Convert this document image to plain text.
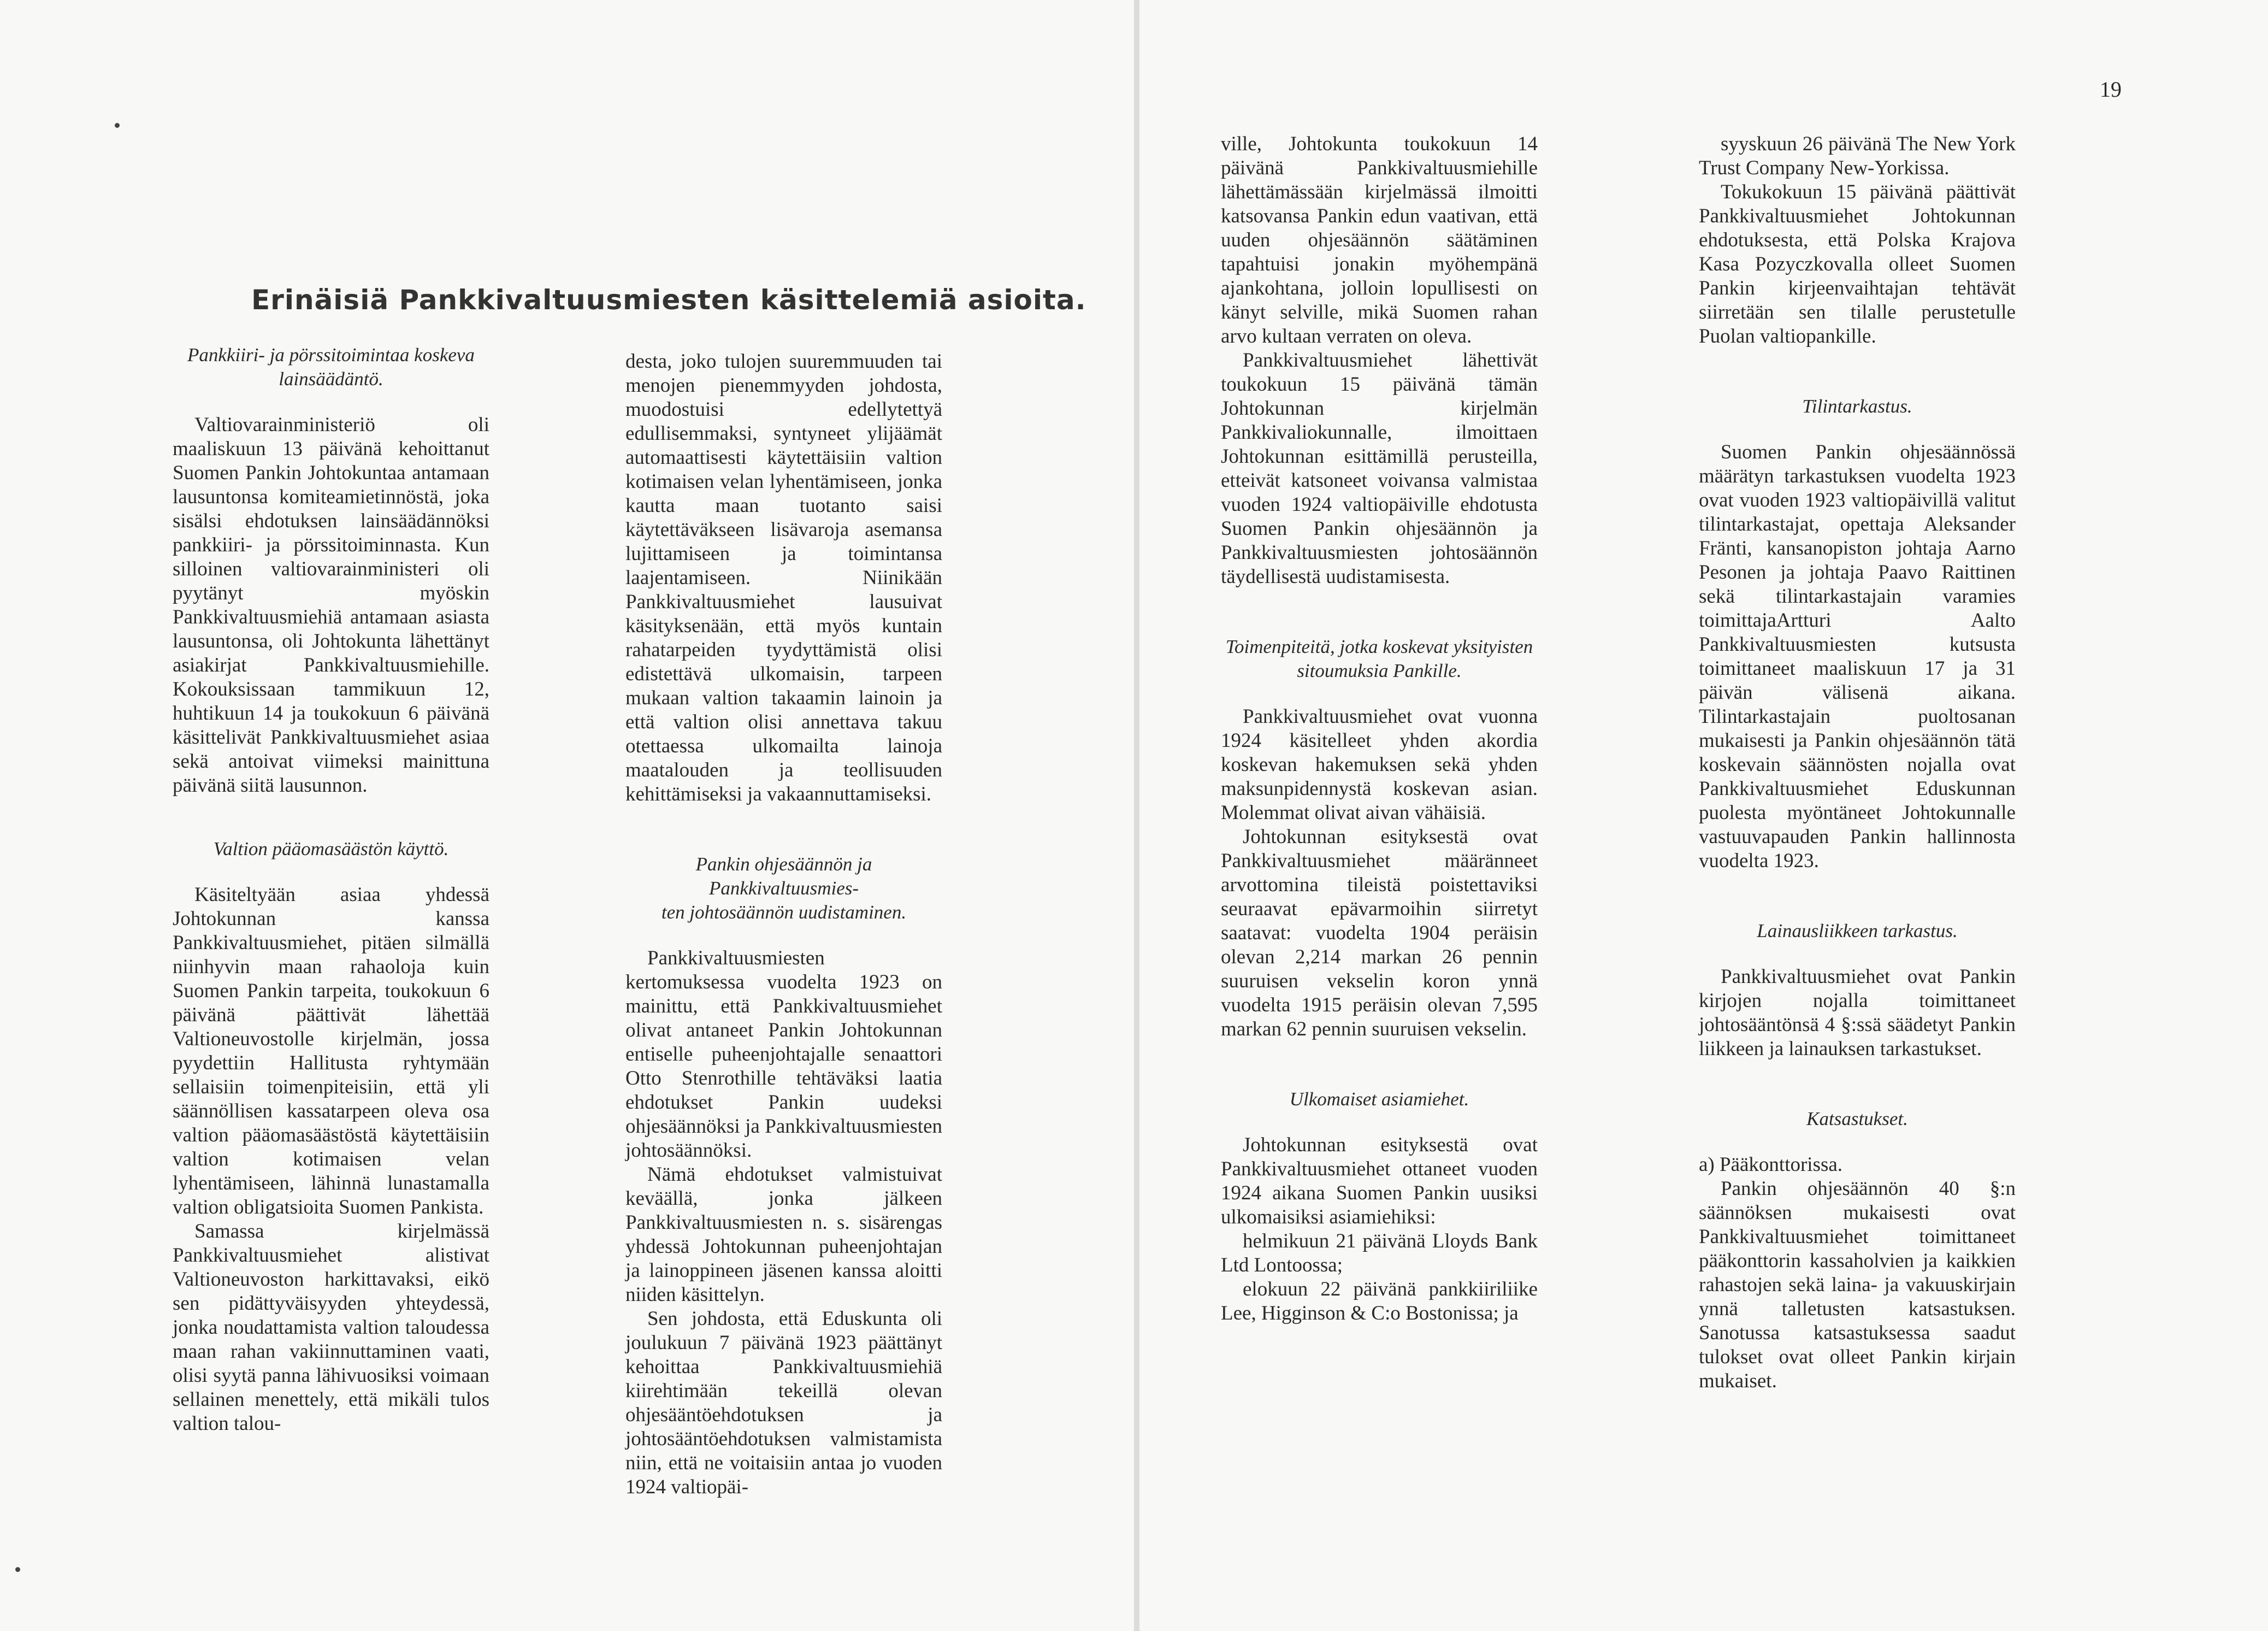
19
Erinäisiä Pankkivaltuusmiesten käsittelemiä asioita.
Pankkiiri- ja pörssitoimintaa koskeva
lainsäädäntö.

Valtiovarainministeriö oli maaliskuun 13 päivänä kehoittanut Suomen Pankin Johtokuntaa antamaan lausuntonsa komiteamietinnöstä, joka sisälsi ehdotuksen lainsäädännöksi pankkiiri- ja pörssitoiminnasta. Kun silloinen valtiovarainministeri oli pyytänyt myöskin Pankkivaltuusmiehiä antamaan asiasta lausuntonsa, oli Johtokunta lähettänyt asiakirjat Pankkivaltuusmiehille. Kokouksissaan tammikuun 12, huhtikuun 14 ja toukokuun 6 päivänä käsittelivät Pankkivaltuusmiehet asiaa sekä antoivat viimeksi mainittuna päivänä siitä lausunnon.

Valtion pääomasäästön käyttö.

Käsiteltyään asiaa yhdessä Johtokunnan kanssa Pankkivaltuusmiehet, pitäen silmällä niinhyvin maan rahaoloja kuin Suomen Pankin tarpeita, toukokuun 6 päivänä päättivät lähettää Valtioneuvostolle kirjelmän, jossa pyydettiin Hallitusta ryhtymään sellaisiin toimenpiteisiin, että yli säännöllisen kassatarpeen oleva osa valtion pääomasäästöstä käytettäisiin valtion kotimaisen velan lyhentämiseen, lähinnä lunastamalla valtion obligatsioita Suomen Pankista.

Samassa kirjelmässä Pankkivaltuusmiehet alistivat Valtioneuvoston harkittavaksi, eikö sen pidättyväisyyden yhteydessä, jonka noudattamista valtion taloudessa maan rahan vakiinnuttaminen vaati, olisi syytä panna lähivuosiksi voimaan sellainen menettely, että mikäli tulos valtion talou-

desta, joko tulojen suuremmuuden tai menojen pienemmyyden johdosta, muodostuisi edellytettyä edullisemmaksi, syntyneet ylijäämät automaattisesti käytettäisiin valtion kotimaisen velan lyhentämiseen, jonka kautta maan tuotanto saisi käytettäväkseen lisävaroja asemansa lujittamiseen ja toimintansa laajentamiseen. Niinikään Pankkivaltuusmiehet lausuivat käsityksenään, että myös kuntain rahatarpeiden tyydyttämistä olisi edistettävä ulkomaisin, tarpeen mukaan valtion takaamin lainoin ja että valtion olisi annettava takuu otettaessa ulkomailta lainoja maatalouden ja teollisuuden kehittämiseksi ja vakaannuttamiseksi.

Pankin ohjesäännön ja Pankkivaltuusmies-
ten johtosäännön uudistaminen.

Pankkivaltuusmiesten kertomuksessa vuodelta 1923 on mainittu, että Pankkivaltuusmiehet olivat antaneet Pankin Johtokunnan entiselle puheenjohtajalle senaattori Otto Stenrothille tehtäväksi laatia ehdotukset Pankin uudeksi ohjesäännöksi ja Pankkivaltuusmiesten johtosäännöksi.

Nämä ehdotukset valmistuivat keväällä, jonka jälkeen Pankkivaltuusmiesten n. s. sisärengas yhdessä Johtokunnan puheenjohtajan ja lainoppineen jäsenen kanssa aloitti niiden käsittelyn.

Sen johdosta, että Eduskunta oli joulukuun 7 päivänä 1923 päättänyt kehoittaa Pankkivaltuusmiehiä kiirehtimään tekeillä olevan ohjesääntöehdotuksen ja johtosääntöehdotuksen valmistamista niin, että ne voitaisiin antaa jo vuoden 1924 valtiopäi-

ville, Johtokunta toukokuun 14 päivänä Pankkivaltuusmiehille lähettämässään kirjelmässä ilmoitti katsovansa Pankin edun vaativan, että uuden ohjesäännön säätäminen tapahtuisi jonakin myöhempänä ajankohtana, jolloin lopullisesti on känyt selville, mikä Suomen rahan arvo kultaan verraten on oleva.

Pankkivaltuusmiehet lähettivät toukokuun 15 päivänä tämän Johtokunnan kirjelmän Pankkivaliokunnalle, ilmoittaen Johtokunnan esittämillä perusteilla, etteivät katsoneet voivansa valmistaa vuoden 1924 valtiopäiville ehdotusta Suomen Pankin ohjesäännön ja Pankkivaltuusmiesten johtosäännön täydellisestä uudistamisesta.

Toimenpiteitä, jotka koskevat yksityisten
sitoumuksia Pankille.

Pankkivaltuusmiehet ovat vuonna 1924 käsitelleet yhden akordia koskevan hakemuksen sekä yhden maksunpidennystä koskevan asian. Molemmat olivat aivan vähäisiä.

Johtokunnan esityksestä ovat Pankkivaltuusmiehet määränneet arvottomina tileistä poistettaviksi seuraavat epävarmoihin siirretyt saatavat: vuodelta 1904 peräisin olevan 2,214 markan 26 pennin suuruisen vekselin koron ynnä vuodelta 1915 peräisin olevan 7,595 markan 62 pennin suuruisen vekselin.

Ulkomaiset asiamiehet.

Johtokunnan esityksestä ovat Pankkivaltuusmiehet ottaneet vuoden 1924 aikana Suomen Pankin uusiksi ulkomaisiksi asiamiehiksi:

helmikuun 21 päivänä Lloyds Bank Ltd Lontoossa;

elokuun 22 päivänä pankkiiriliike Lee, Higginson & C:o Bostonissa; ja

syyskuun 26 päivänä The New York Trust Company New-Yorkissa.

Tokukokuun 15 päivänä päättivät Pankkivaltuusmiehet Johtokunnan ehdotuksesta, että Polska Krajova Kasa Pozyczkovalla olleet Suomen Pankin kirjeenvaihtajan tehtävät siirretään sen tilalle perustetulle Puolan valtiopankille.

Tilintarkastus.

Suomen Pankin ohjesäännössä määrätyn tarkastuksen vuodelta 1923 ovat vuoden 1923 valtiopäivillä valitut tilintarkastajat, opettaja Aleksander Fränti, kansanopiston johtaja Aarno Pesonen ja johtaja Paavo Raittinen sekä tilintarkastajain varamies toimittajaArtturi Aalto Pankkivaltuusmiesten kutsusta toimittaneet maaliskuun 17 ja 31 päivän välisenä aikana. Tilintarkastajain puoltosanan mukaisesti ja Pankin ohjesäännön tätä koskevain säännösten nojalla ovat Pankkivaltuusmiehet Eduskunnan puolesta myöntäneet Johtokunnalle vastuuvapauden Pankin hallinnosta vuodelta 1923.

Lainausliikkeen tarkastus.

Pankkivaltuusmiehet ovat Pankin kirjojen nojalla toimittaneet johtosääntönsä 4 §:ssä säädetyt Pankin liikkeen ja lainauksen tarkastukset.

Katsastukset.

a) Pääkonttorissa.

Pankin ohjesäännön 40 §:n säännöksen mukaisesti ovat Pankkivaltuusmiehet toimittaneet pääkonttorin kassaholvien ja kaikkien rahastojen sekä laina- ja vakuuskirjain ynnä talletusten katsastuksen. Sanotussa katsastuksessa saadut tulokset ovat olleet Pankin kirjain mukaiset.
